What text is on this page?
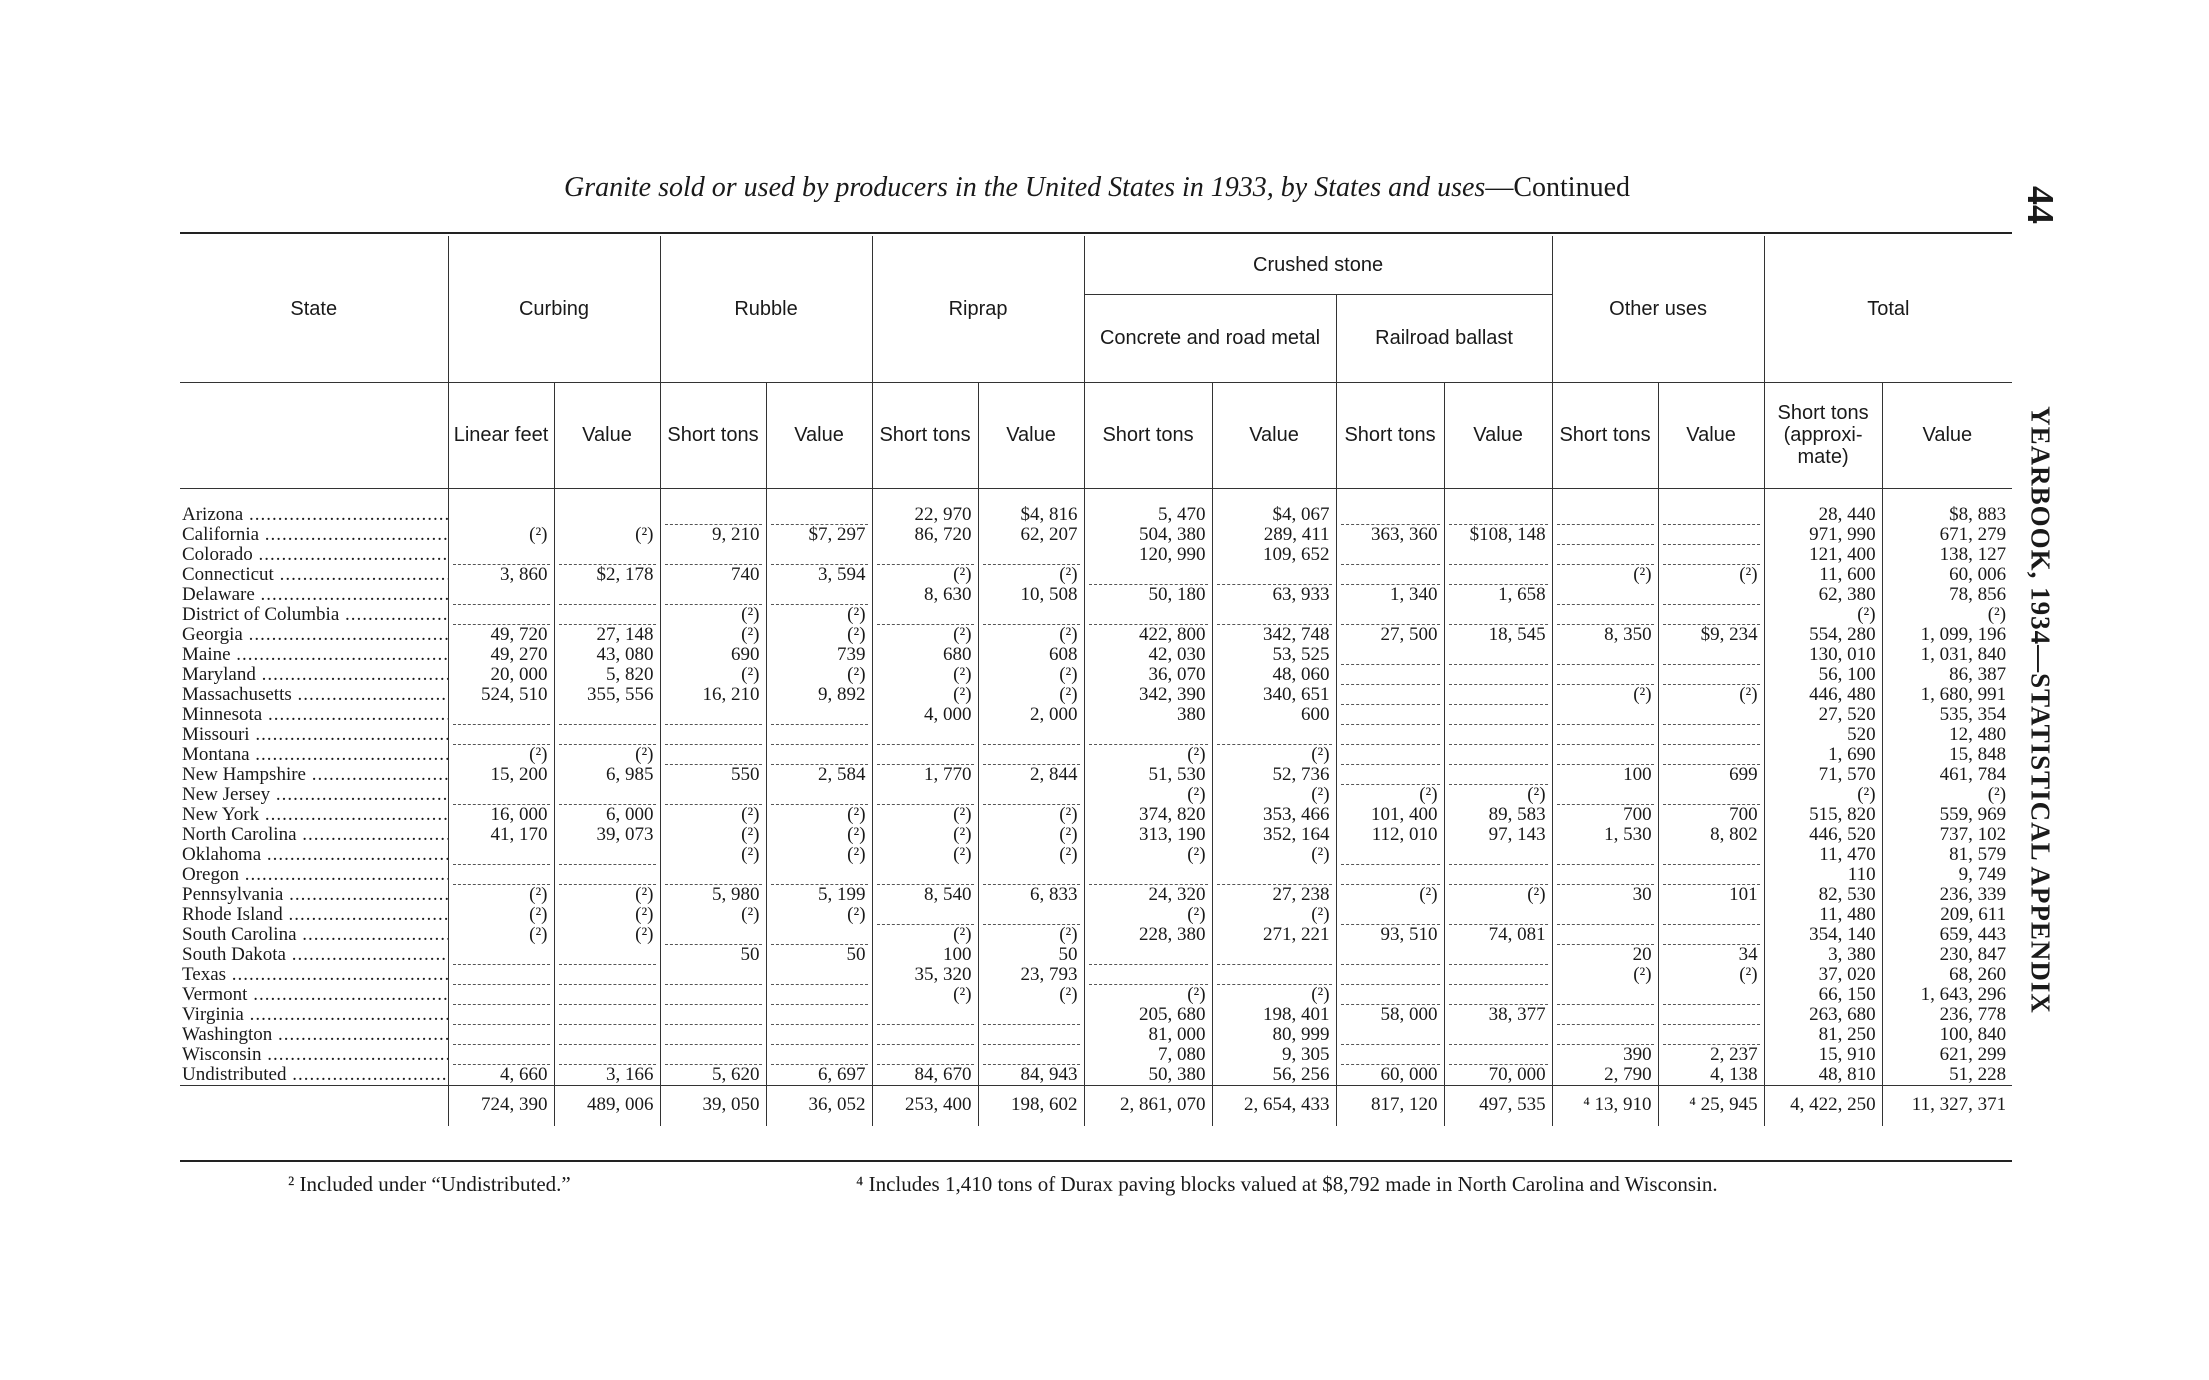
Granite sold or used by producers in the United States in 1933, by States and uses—Continued	44
YEARBOOK, 1934—STATISTICAL APPENDIX
State	Curbing		Rubble		Riprap		Crushed stone				Other uses		Total	
							Concrete and road metal		Railroad ballast					
	Linear feet	Value	Short tons	Value	Short tons	Value	Short tons	Value	Short tons	Value	Short tons	Value	Short tons (approxi-mate)	Value
Arizona .....					22, 970	$4, 816	5, 470	$4, 067					28, 440	$8, 883
California .....	(²)	(²)	9, 210	$7, 297	86, 720	62, 207	504, 380	289, 411	363, 360	$108, 148			971, 990	671, 279
Colorado .....							120, 990	109, 652					121, 400	138, 127
Connecticut .....	3, 860	$2, 178	740	3, 594	(²)	(²)					(²)	(²)	11, 600	60, 006
Delaware .....					8, 630	10, 508	50, 180	63, 933	1, 340	1, 658			62, 380	78, 856
District of Columbia .....			(²)	(²)									(²)	(²)
Georgia .....	49, 720	27, 148	(²)	(²)	(²)	(²)	422, 800	342, 748	27, 500	18, 545	8, 350	$9, 234	554, 280	1, 099, 196
Maine .....	49, 270	43, 080	690	739	680	608	42, 030	53, 525					130, 010	1, 031, 840
Maryland .....	20, 000	5, 820	(²)	(²)	(²)	(²)	36, 070	48, 060					56, 100	86, 387
Massachusetts .....	524, 510	355, 556	16, 210	9, 892	(²)	(²)	342, 390	340, 651			(²)	(²)	446, 480	1, 680, 991
Minnesota .....					4, 000	2, 000	380	600					27, 520	535, 354
Missouri .....													520	12, 480
Montana .....	(²)	(²)					(²)	(²)					1, 690	15, 848
New Hampshire .....	15, 200	6, 985	550	2, 584	1, 770	2, 844	51, 530	52, 736			100	699	71, 570	461, 784
New Jersey .....							(²)	(²)	(²)	(²)			(²)	(²)
New York .....	16, 000	6, 000	(²)	(²)	(²)	(²)	374, 820	353, 466	101, 400	89, 583	700	700	515, 820	559, 969
North Carolina .....	41, 170	39, 073	(²)	(²)	(²)	(²)	313, 190	352, 164	112, 010	97, 143	1, 530	8, 802	446, 520	737, 102
Oklahoma .....			(²)	(²)	(²)	(²)	(²)	(²)					11, 470	81, 579
Oregon .....													110	9, 749
Pennsylvania .....	(²)	(²)	5, 980	5, 199	8, 540	6, 833	24, 320	27, 238	(²)	(²)	30	101	82, 530	236, 339
Rhode Island .....	(²)	(²)	(²)	(²)			(²)	(²)					11, 480	209, 611
South Carolina .....	(²)	(²)			(²)	(²)	228, 380	271, 221	93, 510	74, 081			354, 140	659, 443
South Dakota .....			50	50	100	50					20	34	3, 380	230, 847
Texas .....					35, 320	23, 793					(²)	(²)	37, 020	68, 260
Vermont .....					(²)	(²)	(²)	(²)					66, 150	1, 643, 296
Virginia .....							205, 680	198, 401	58, 000	38, 377			263, 680	236, 778
Washington .....							81, 000	80, 999					81, 250	100, 840
Wisconsin .....							7, 080	9, 305			390	2, 237	15, 910	621, 299
Undistributed .....	4, 660	3, 166	5, 620	6, 697	84, 670	84, 943	50, 380	56, 256	60, 000	70, 000	2, 790	4, 138	48, 810	51, 228
	724, 390	489, 006	39, 050	36, 052	253, 400	198, 602	2, 861, 070	2, 654, 433	817, 120	497, 535	⁴ 13, 910	⁴ 25, 945	4, 422, 250	11, 327, 371
² Included under “Undistributed.”	⁴ Includes 1,410 tons of Durax paving blocks valued at $8,792 made in North Carolina and Wisconsin.
